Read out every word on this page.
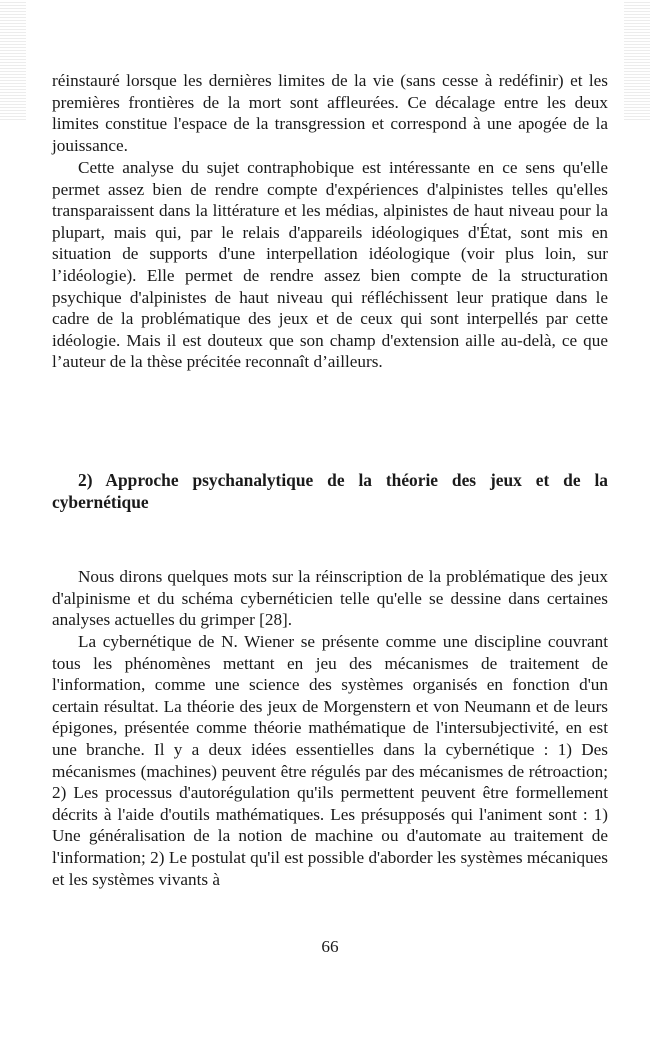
réinstauré lorsque les dernières limites de la vie (sans cesse à redéfinir) et les premières frontières de la mort sont affleurées. Ce décalage entre les deux limites constitue l'espace de la transgression et correspond à une apogée de la jouissance.

Cette analyse du sujet contraphobique est intéressante en ce sens qu'elle permet assez bien de rendre compte d'expériences d'alpinistes telles qu'elles transparaissent dans la littérature et les médias, alpinistes de haut niveau pour la plupart, mais qui, par le relais d'appareils idéologiques d'État, sont mis en situation de supports d'une interpellation idéologique (voir plus loin, sur l’idéologie). Elle permet de rendre assez bien compte de la structuration psychique d'alpinistes de haut niveau qui réfléchissent leur pratique dans le cadre de la problématique des jeux et de ceux qui sont interpellés par cette idéologie. Mais il est douteux que son champ d'extension aille au-delà, ce que l’auteur de la thèse précitée reconnaît d’ailleurs.

2) Approche psychanalytique de la théorie des jeux et de la cybernétique

Nous dirons quelques mots sur la réinscription de la problématique des jeux d'alpinisme et du schéma cybernéticien telle qu'elle se dessine dans certaines analyses actuelles du grimper [28].

La cybernétique de N. Wiener se présente comme une discipline couvrant tous les phénomènes mettant en jeu des mécanismes de traitement de l'information, comme une science des systèmes organisés en fonction d'un certain résultat. La théorie des jeux de Morgenstern et von Neumann et de leurs épigones, présentée comme théorie mathématique de l'intersubjectivité, en est une branche. Il y a deux idées essentielles dans la cybernétique : 1) Des mécanismes (machines) peuvent être régulés par des mécanismes de rétroaction; 2) Les processus d'autorégulation qu'ils permettent peuvent être formellement décrits à l'aide d'outils mathématiques. Les présupposés qui l'animent sont : 1) Une généralisation de la notion de machine ou d'automate au traitement de l'information; 2) Le postulat qu'il est possible d'aborder les systèmes mécaniques et les systèmes vivants à

66
